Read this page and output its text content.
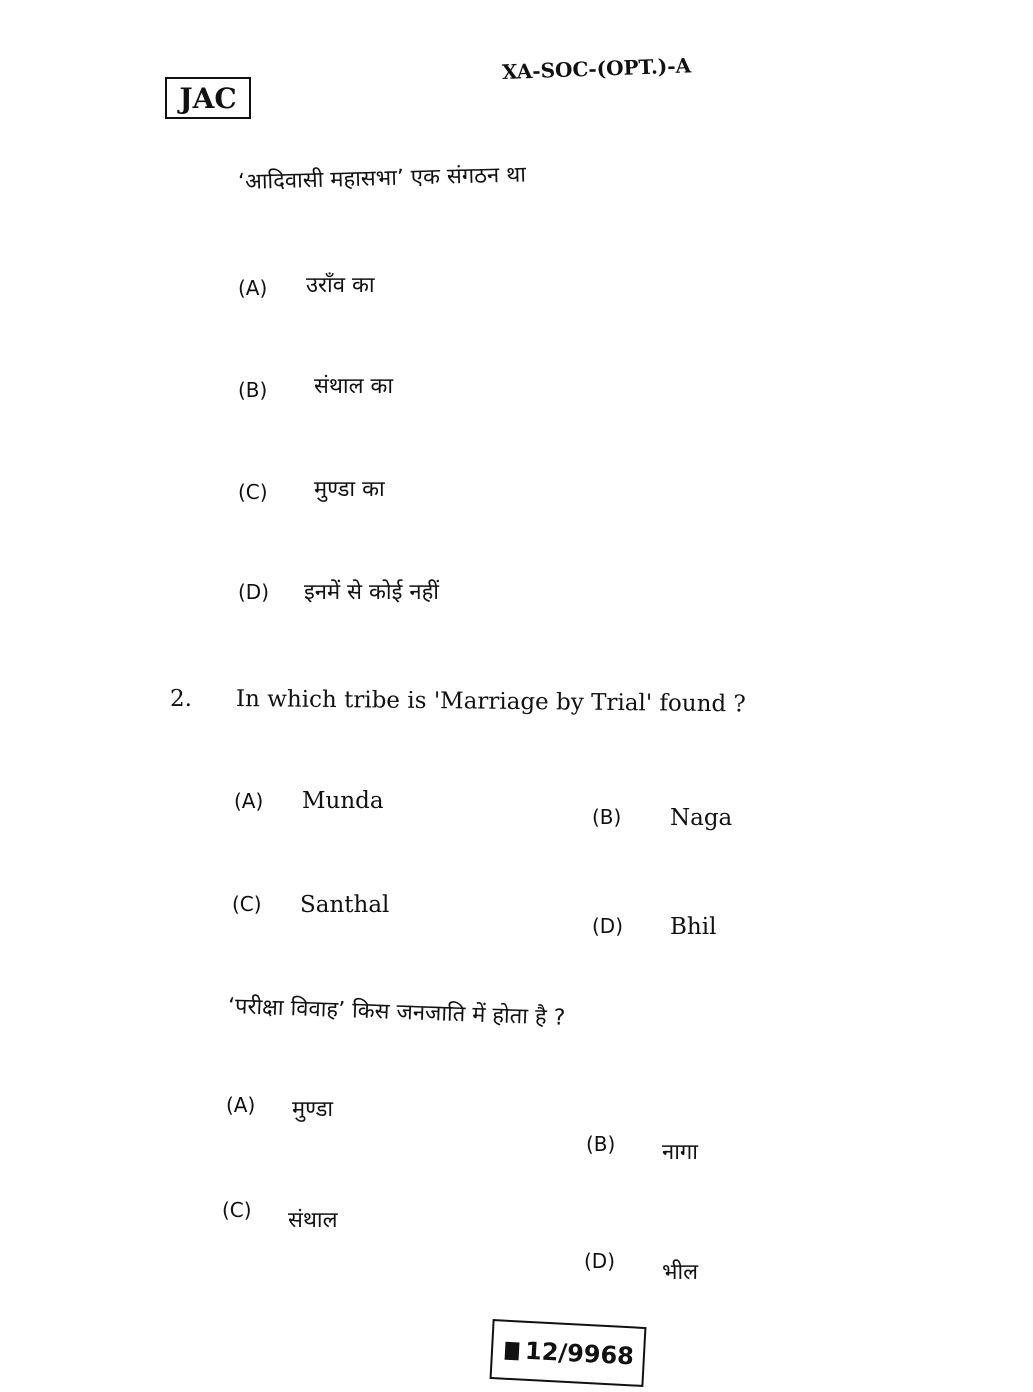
JAC
XA-SOC-(OPT.)-A
‘आदिवासी महासभा’ एक संगठन था
(A) उराँव का
(B) संथाल का
(C) मुण्डा का
(D) इनमें से कोई नहीं
2. In which tribe is 'Marriage by Trial' found ?
(A) Munda
(B) Naga
(C) Santhal
(D) Bhil
‘परीक्षा विवाह’ किस जनजाति में होता है ?
(A) मुण्डा
(B) नागा
(C) संथाल
(D) भील
12/9968
